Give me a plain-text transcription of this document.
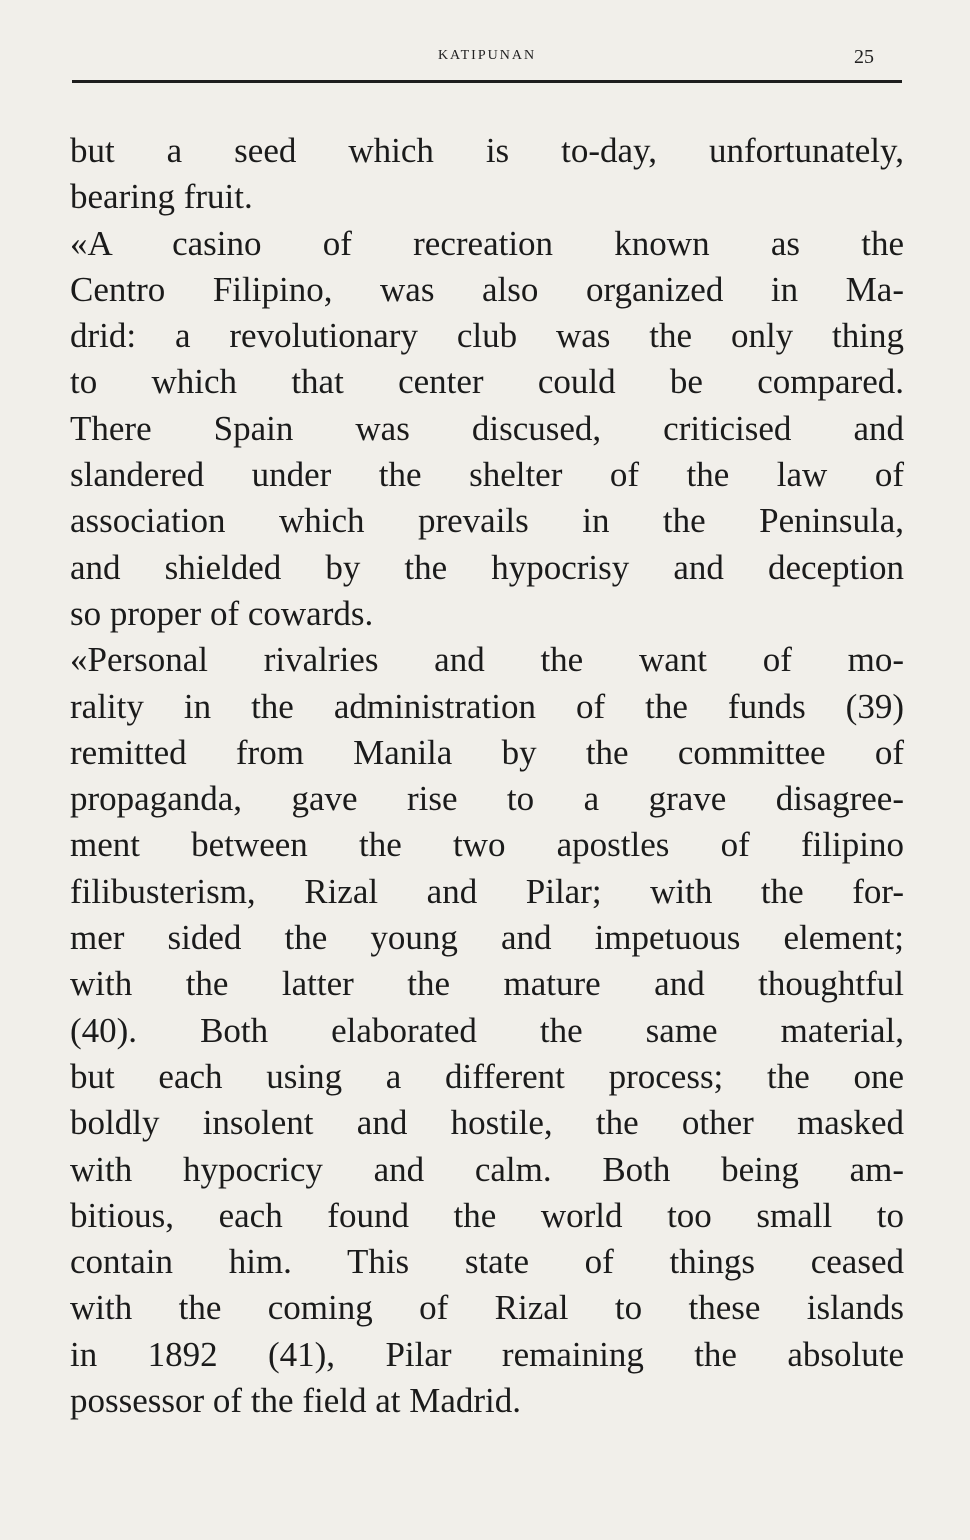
KATIPUNAN	25
but a seed which is to-day, unfortunately,
bearing fruit.
«A casino of recreation known as the
Centro Filipino, was also organized in Ma-
drid: a revolutionary club was the only thing
to which that center could be compared.
There Spain was discused, criticised and
slandered under the shelter of the law of
association which prevails in the Peninsula,
and shielded by the hypocrisy and deception
so proper of cowards.
«Personal rivalries and the want of mo-
rality in the administration of the funds (39)
remitted from Manila by the committee of
propaganda, gave rise to a grave disagree-
ment between the two apostles of filipino
filibusterism, Rizal and Pilar; with the for-
mer sided the young and impetuous element;
with the latter the mature and thoughtful
(40). Both elaborated the same material,
but each using a different process; the one
boldly insolent and hostile, the other masked
with hypocricy and calm. Both being am-
bitious, each found the world too small to
contain him. This state of things ceased
with the coming of Rizal to these islands
in 1892 (41), Pilar remaining the absolute
possessor of the field at Madrid.
